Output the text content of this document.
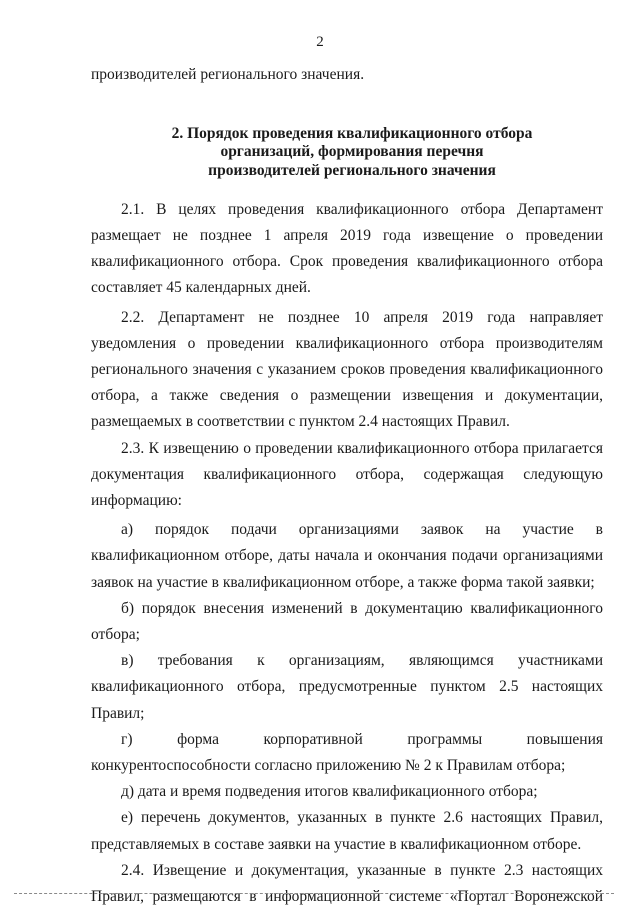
2

производителей регионального значения.

2. Порядок проведения квалификационного отбора
организаций, формирования перечня
производителей регионального значения

2.1. В целях проведения квалификационного отбора Департамент размещает не позднее 1 апреля 2019 года извещение о проведении квалификационного отбора. Срок проведения квалификационного отбора составляет 45 календарных дней.

2.2. Департамент не позднее 10 апреля 2019 года направляет уведомления о проведении квалификационного отбора производителям регионального значения с указанием сроков проведения квалификационного отбора, а также сведения о размещении извещения и документации, размещаемых в соответствии с пунктом 2.4 настоящих Правил.

2.3. К извещению о проведении квалификационного отбора прилагается документация квалификационного отбора, содержащая следующую информацию:

а) порядок подачи организациями заявок на участие в квалификационном отборе, даты начала и окончания подачи организациями заявок на участие в квалификационном отборе, а также форма такой заявки;

б) порядок внесения изменений в документацию квалификационного отбора;

в) требования к организациям, являющимся участниками квалификационного отбора, предусмотренные пунктом 2.5 настоящих Правил;

г) форма корпоративной программы повышения конкурентоспособности согласно приложению № 2 к Правилам отбора;

д) дата и время подведения итогов квалификационного отбора;

е) перечень документов, указанных в пункте 2.6 настоящих Правил, представляемых в составе заявки на участие в квалификационном отборе.

2.4. Извещение и документация, указанные в пункте 2.3 настоящих Правил, размещаются в информационной системе «Портал Воронежской
